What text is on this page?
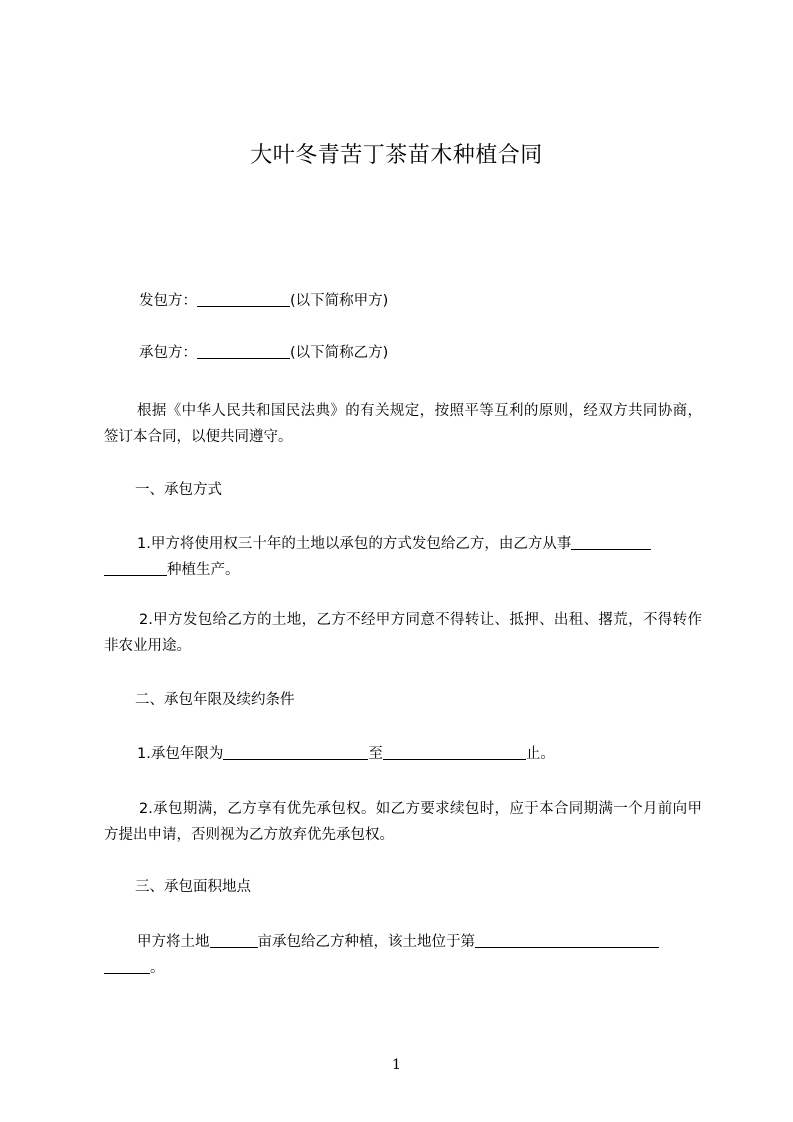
大叶冬青苦丁茶苗木种植合同
发包方：	(以下简称甲方)
承包方：	(以下简称乙方)
根据《中华人民共和国民法典》的有关规定，按照平等互利的原则，经双方共同协商，签订本合同，以便共同遵守。
一、承包方式
1.甲方将使用权三十年的土地以承包的方式发包给乙方，由乙方从事
种植生产。
2.甲方发包给乙方的土地，乙方不经甲方同意不得转让、抵押、出租、撂荒，不得转作非农业用途。
二、承包年限及续约条件
1.承包年限为	至	止。
2.承包期满，乙方享有优先承包权。如乙方要求续包时，应于本合同期满一个月前向甲方提出申请，否则视为乙方放弃优先承包权。
三、承包面积地点
甲方将土地	亩承包给乙方种植，该土地位于第
。
1
